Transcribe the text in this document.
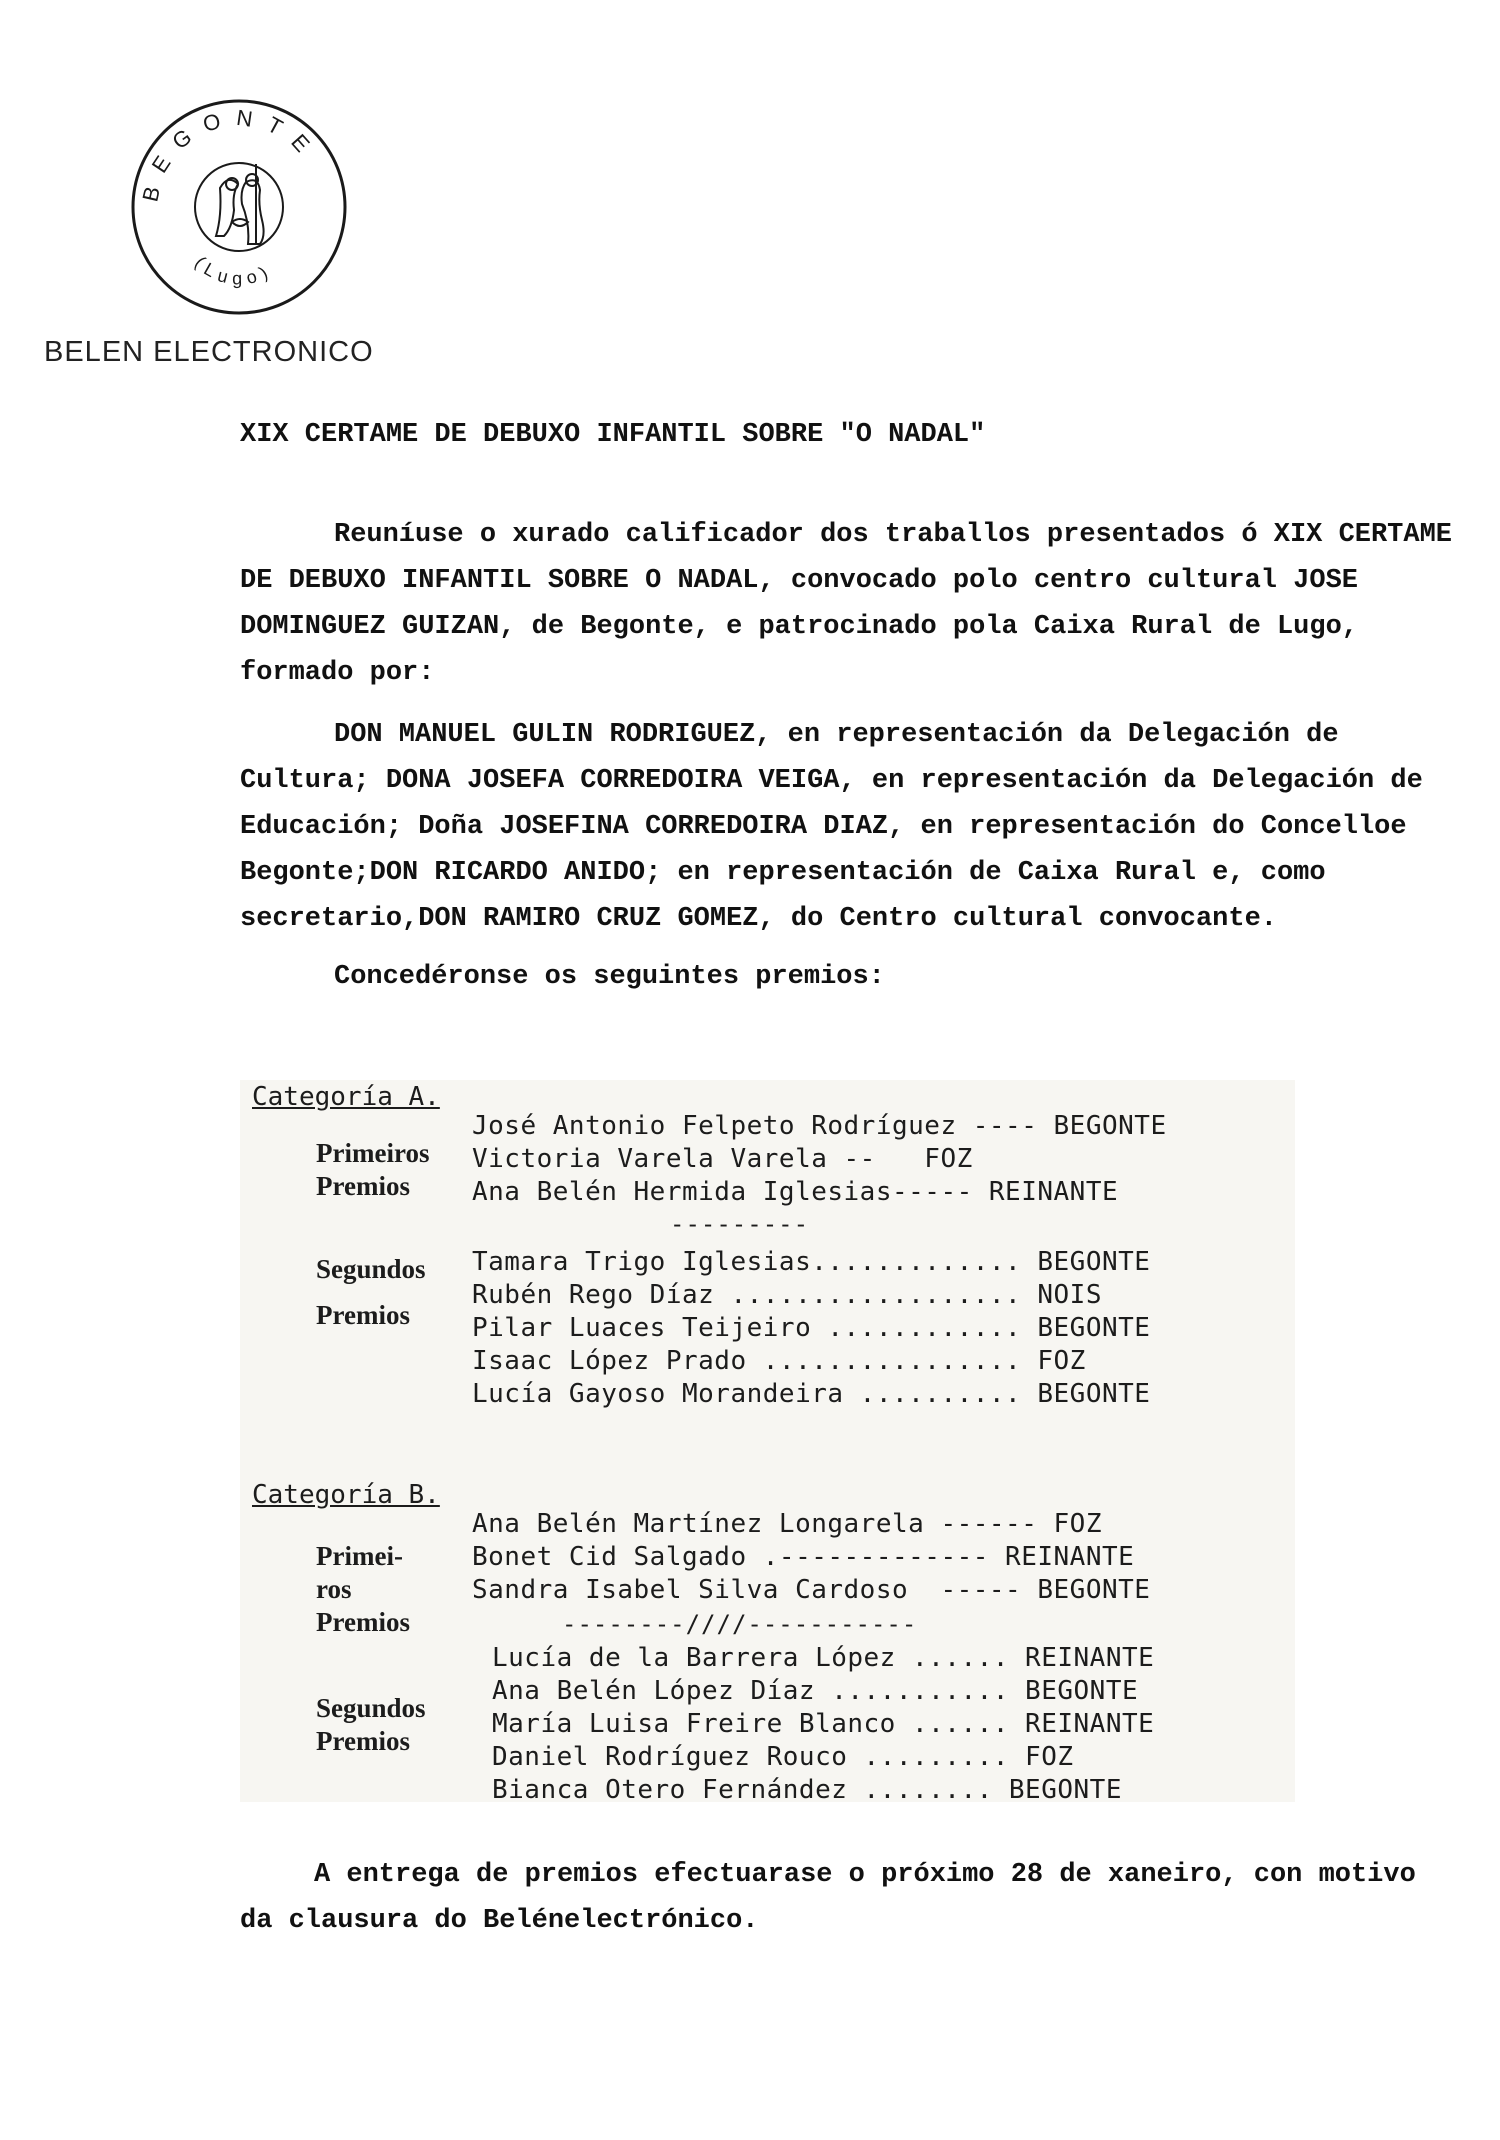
BEGONTE
(Lugo)
BELEN ELECTRONICO

XIX CERTAME DE DEBUXO INFANTIL SOBRE "O NADAL"

Reuníuse o xurado calificador dos traballos presentados ó XIX CERTAME DE DEBUXO INFANTIL SOBRE O NADAL, convocado polo centro cultural JOSE DOMINGUEZ GUIZAN, de Begonte, e patrocinado pola Caixa Rural de Lugo, formado por:

DON MANUEL GULIN RODRIGUEZ, en representación da Delegación de Cultura; DONA JOSEFA CORREDOIRA VEIGA, en representación da Delegación de Educación; Doña JOSEFINA CORREDOIRA DIAZ, en representación do Concelloe Begonte;DON RICARDO ANIDO; en representación de Caixa Rural e, como secretario,DON RAMIRO CRUZ GOMEZ, do Centro cultural convocante.

Concedéronse os seguintes premios:

Categoría A.
Primeiros
Premios
José Antonio Felpeto Rodríguez ---- BEGONTE
Victoria Varela Varela --   FOZ
Ana Belén Hermida Iglesias----- REINANTE
---------
Segundos
Premios
Tamara Trigo Iglesias............. BEGONTE
Rubén Rego Díaz .................. NOIS
Pilar Luaces Teijeiro ............ BEGONTE
Isaac López Prado ................ FOZ
Lucía Gayoso Morandeira .......... BEGONTE
Categoría B.
Primei-
ros
Premios
Ana Belén Martínez Longarela ------ FOZ
Bonet Cid Salgado .------------- REINANTE
Sandra Isabel Silva Cardoso  ----- BEGONTE
--------////-----------
Segundos
Premios
Lucía de la Barrera López ...... REINANTE
Ana Belén López Díaz ........... BEGONTE
María Luisa Freire Blanco ...... REINANTE
Daniel Rodríguez Rouco ......... FOZ
Bianca Otero Fernández ........ BEGONTE
A entrega de premios efectuarase o próximo 28 de xaneiro, con motivo da clausura do Belénelectrónico.
